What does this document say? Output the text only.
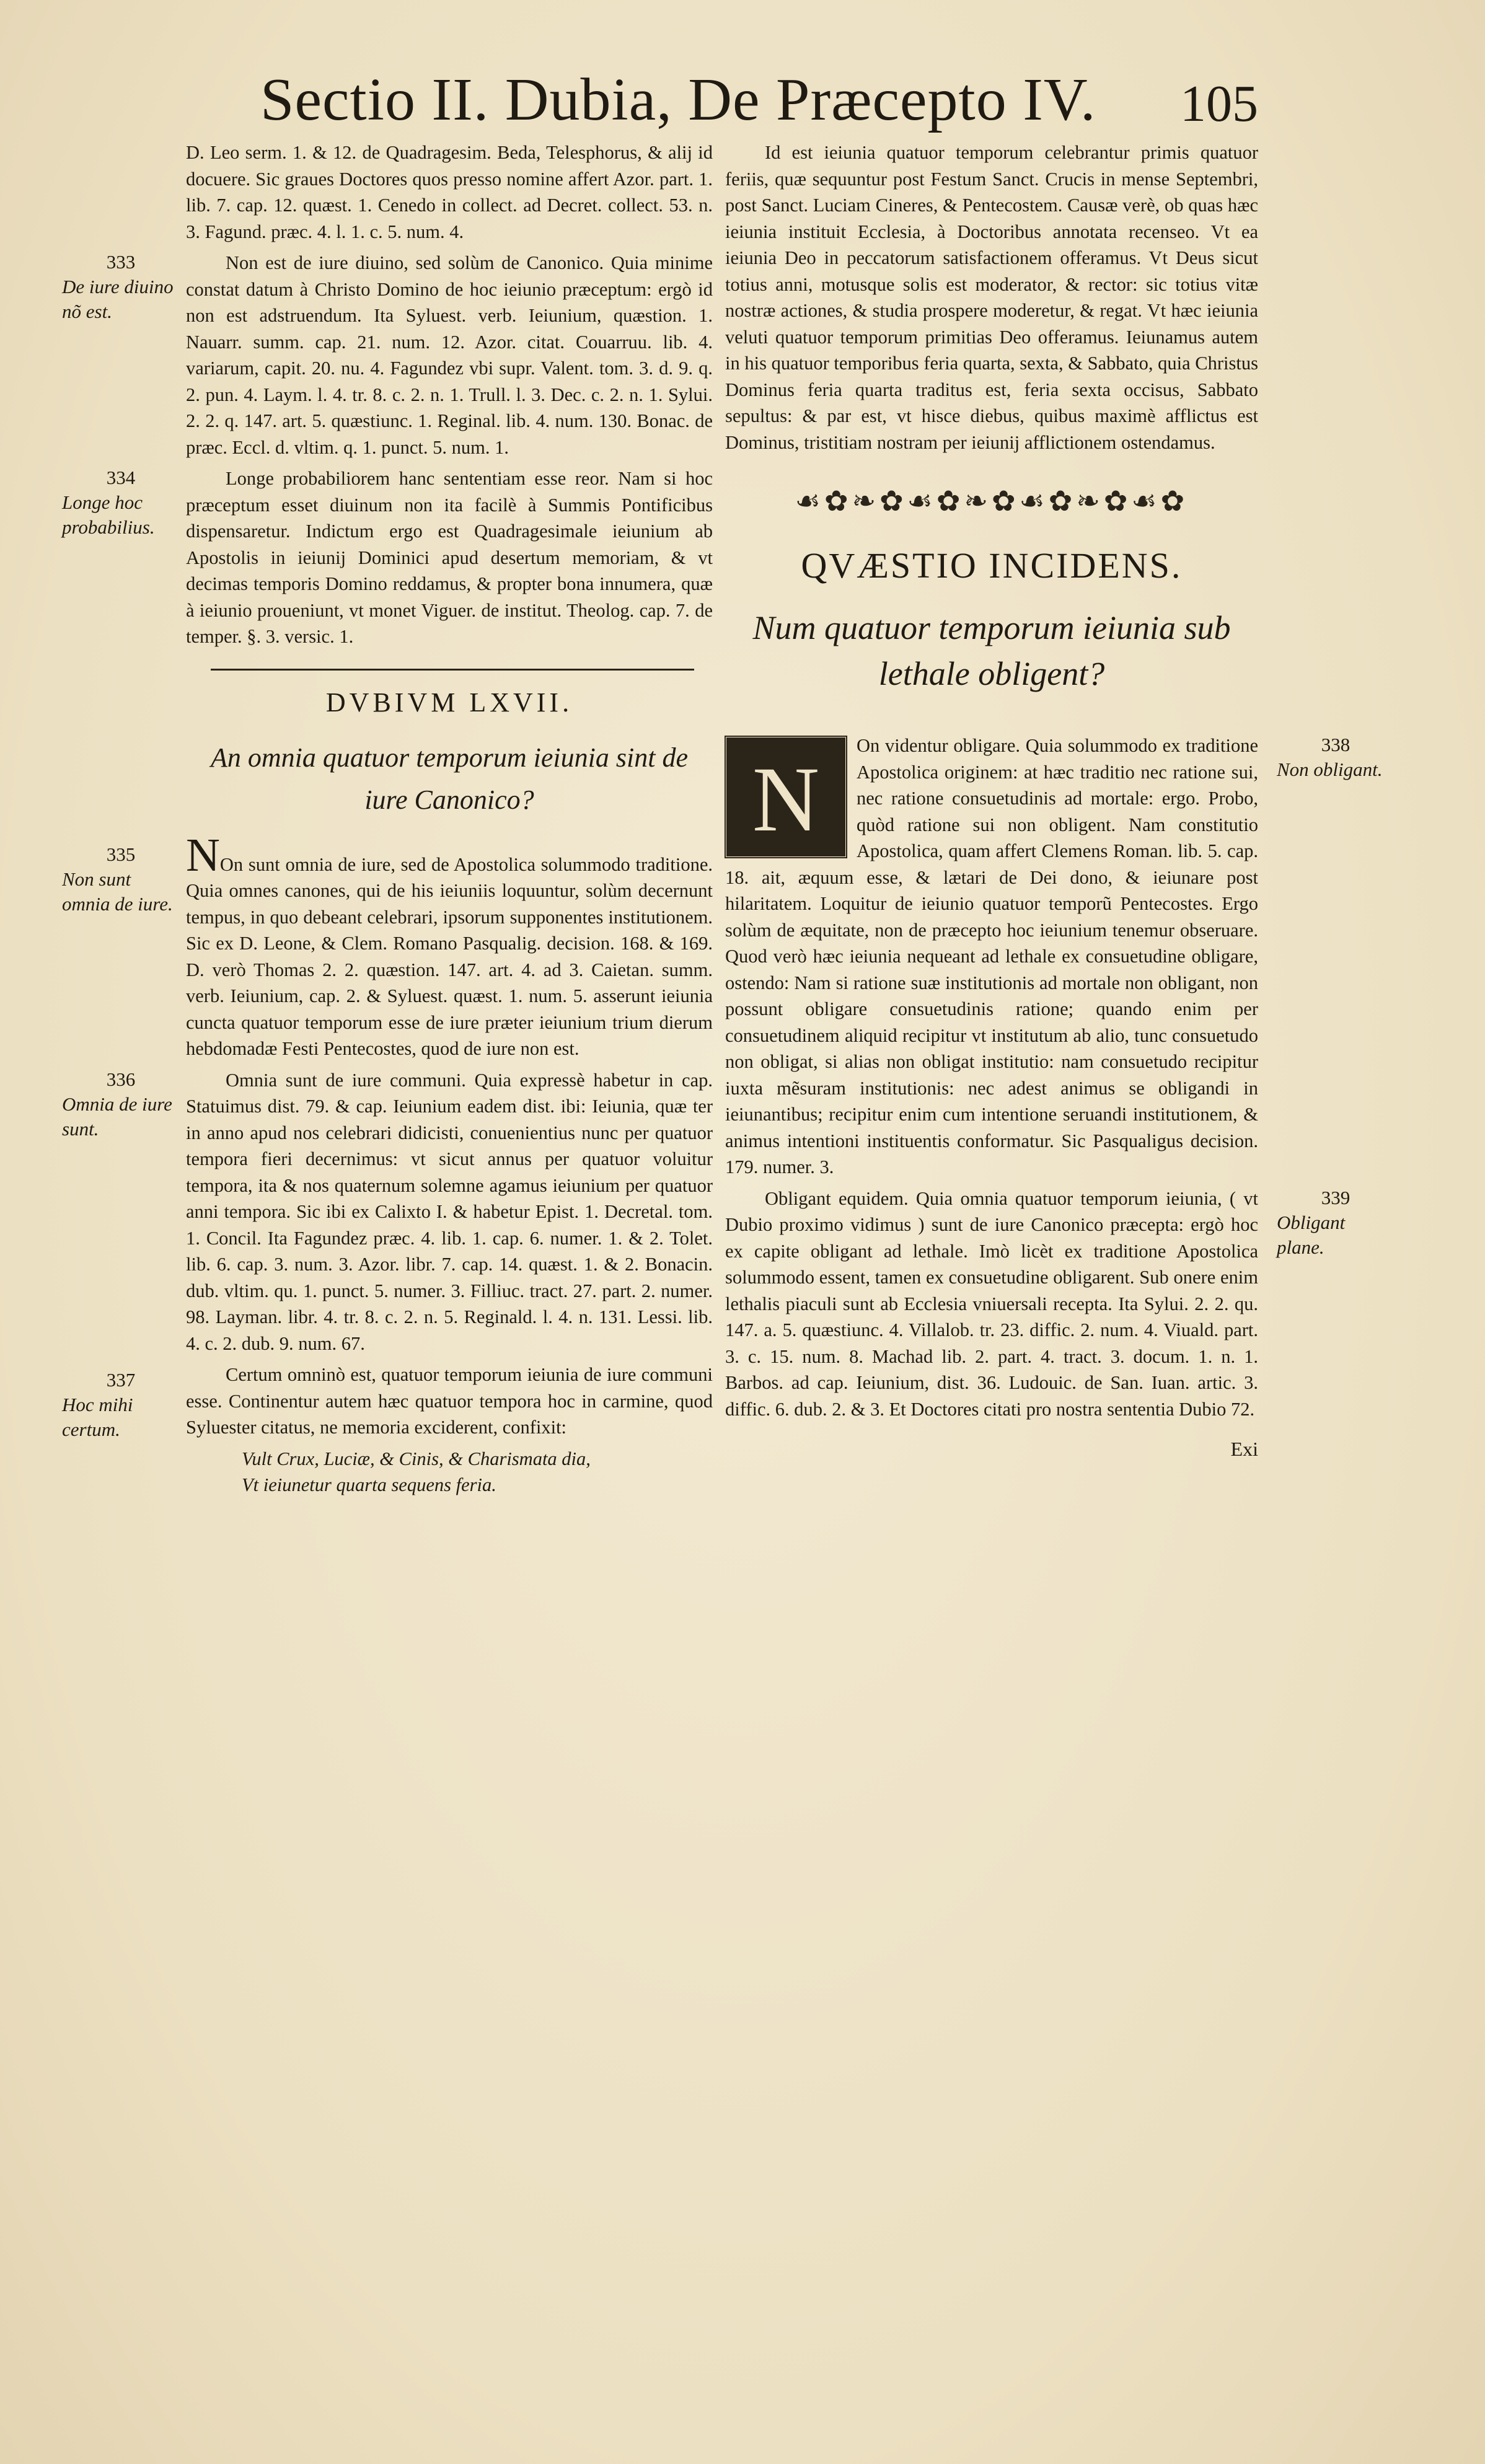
Sectio II. Dubia, De Præcepto IV. 105

D. Leo serm. 1. & 12. de Quadragesim. Beda, Telesphorus, & alij id docuere. Sic graues Doctores quos presso nomine affert Azor. part. 1. lib. 7. cap. 12. quæst. 1. Cenedo in collect. ad Decret. collect. 53. n. 3. Fagund. præc. 4. l. 1. c. 5. num. 4.

333
De iure diuino nõ est.

Non est de iure diuino, sed solùm de Canonico. Quia minime constat datum à Christo Domino de hoc ieiunio præceptum: ergò id non est adstruendum. Ita Syluest. verb. Ieiunium, quæstion. 1. Nauarr. summ. cap. 21. num. 12. Azor. citat. Couarruu. lib. 4. variarum, capit. 20. nu. 4. Fagundez vbi supr. Valent. tom. 3. d. 9. q. 2. pun. 4. Laym. l. 4. tr. 8. c. 2. n. 1. Trull. l. 3. Dec. c. 2. n. 1. Sylui. 2. 2. q. 147. art. 5. quæstiunc. 1. Reginal. lib. 4. num. 130. Bonac. de præc. Eccl. d. vltim. q. 1. punct. 5. num. 1.

334
Longe hoc probabilius.

Longe probabiliorem hanc sententiam esse reor. Nam si hoc præceptum esset diuinum non ita facilè à Summis Pontificibus dispensaretur. Indictum ergo est Quadragesimale ieiunium ab Apostolis in ieiunij Dominici apud desertum memoriam, & vt decimas temporis Domino reddamus, & propter bona innumera, quæ à ieiunio proueniunt, vt monet Viguer. de institut. Theolog. cap. 7. de temper. §. 3. versic. 1.

DVBIVM LXVII.
An omnia quatuor temporum ieiunia sint de iure Canonico?
335
Non sunt omnia de iure.

NOn sunt omnia de iure, sed de Apostolica solummodo traditione. Quia omnes canones, qui de his ieiuniis loquuntur, solùm decernunt tempus, in quo debeant celebrari, ipsorum supponentes institutionem. Sic ex D. Leone, & Clem. Romano Pasqualig. decision. 168. & 169. D. verò Thomas 2. 2. quæstion. 147. art. 4. ad 3. Caietan. summ. verb. Ieiunium, cap. 2. & Syluest. quæst. 1. num. 5. asserunt ieiunia cuncta quatuor temporum esse de iure præter ieiunium trium dierum hebdomadæ Festi Pentecostes, quod de iure non est.

336
Omnia de iure sunt.

Omnia sunt de iure communi. Quia expressè habetur in cap. Statuimus dist. 79. & cap. Ieiunium eadem dist. ibi: Ieiunia, quæ ter in anno apud nos celebrari didicisti, conuenientius nunc per quatuor tempora fieri decernimus: vt sicut annus per quatuor voluitur tempora, ita & nos quaternum solemne agamus ieiunium per quatuor anni tempora. Sic ibi ex Calixto I. & habetur Epist. 1. Decretal. tom. 1. Concil. Ita Fagundez præc. 4. lib. 1. cap. 6. numer. 1. & 2. Tolet. lib. 6. cap. 3. num. 3. Azor. libr. 7. cap. 14. quæst. 1. & 2. Bonacin. dub. vltim. qu. 1. punct. 5. numer. 3. Filliuc. tract. 27. part. 2. numer. 98. Layman. libr. 4. tr. 8. c. 2. n. 5. Reginald. l. 4. n. 131. Lessi. lib. 4. c. 2. dub. 9. num. 67.

337
Hoc mihi certum.

Certum omninò est, quatuor temporum ieiunia de iure communi esse. Continentur autem hæc quatuor tempora hoc in carmine, quod Syluester citatus, ne memoria exciderent, confixit:

Vult Crux, Luciæ, & Cinis, & Charismata dia,
Vt ieiunetur quarta sequens feria.

Id est ieiunia quatuor temporum celebrantur primis quatuor feriis, quæ sequuntur post Festum Sanct. Crucis in mense Septembri, post Sanct. Luciam Cineres, & Pentecostem. Causæ verè, ob quas hæc ieiunia instituit Ecclesia, à Doctoribus annotata recenseo. Vt ea ieiunia Deo in peccatorum satisfactionem offeramus. Vt Deus sicut totius anni, motusque solis est moderator, & rector: sic totius vitæ nostræ actiones, & studia prospere moderetur, & regat. Vt hæc ieiunia veluti quatuor temporum primitias Deo offeramus. Ieiunamus autem in his quatuor temporibus feria quarta, sexta, & Sabbato, quia Christus Dominus feria quarta traditus est, feria sexta occisus, Sabbato sepultus: & par est, vt hisce diebus, quibus maximè afflictus est Dominus, tristitiam nostram per ieiunij afflictionem ostendamus.

☙✿❧✿☙✿❧✿☙✿❧✿☙✿
QVÆSTIO INCIDENS.
Num quatuor temporum ieiunia sub lethale obligent?
338
Non obligant.

N
On videntur obligare. Quia solummodo ex traditione Apostolica originem: at hæc traditio nec ratione sui, nec ratione consuetudinis ad mortale: ergo. Probo, quòd ratione sui non obligent. Nam constitutio Apostolica, quam affert Clemens Roman. lib. 5. cap. 18. ait, æquum esse, & lætari de Dei dono, & ieiunare post hilaritatem. Loquitur de ieiunio quatuor temporũ Pentecostes. Ergo solùm de æquitate, non de præcepto hoc ieiunium tenemur obseruare. Quod verò hæc ieiunia nequeant ad lethale ex consuetudine obligare, ostendo: Nam si ratione suæ institutionis ad mortale non obligant, non possunt obligare consuetudinis ratione; quando enim per consuetudinem aliquid recipitur vt institutum ab alio, tunc consuetudo non obligat, si alias non obligat institutio: nam consuetudo recipitur iuxta mẽsuram institutionis: nec adest animus se obligandi in ieiunantibus; recipitur enim cum intentione seruandi institutionem, & animus intentioni instituentis conformatur. Sic Pasqualigus decision. 179. numer. 3.

339
Obligant plane.

Obligant equidem. Quia omnia quatuor temporum ieiunia, ( vt Dubio proximo vidimus ) sunt de iure Canonico præcepta: ergò hoc ex capite obligant ad lethale. Imò licèt ex traditione Apostolica solummodo essent, tamen ex consuetudine obligarent. Sub onere enim lethalis piaculi sunt ab Ecclesia vniuersali recepta. Ita Sylui. 2. 2. qu. 147. a. 5. quæstiunc. 4. Villalob. tr. 23. diffic. 2. num. 4. Viuald. part. 3. c. 15. num. 8. Machad lib. 2. part. 4. tract. 3. docum. 1. n. 1. Barbos. ad cap. Ieiunium, dist. 36. Ludouic. de San. Iuan. artic. 3. diffic. 6. dub. 2. & 3. Et Doctores citati pro nostra sententia Dubio 72.

Exi
